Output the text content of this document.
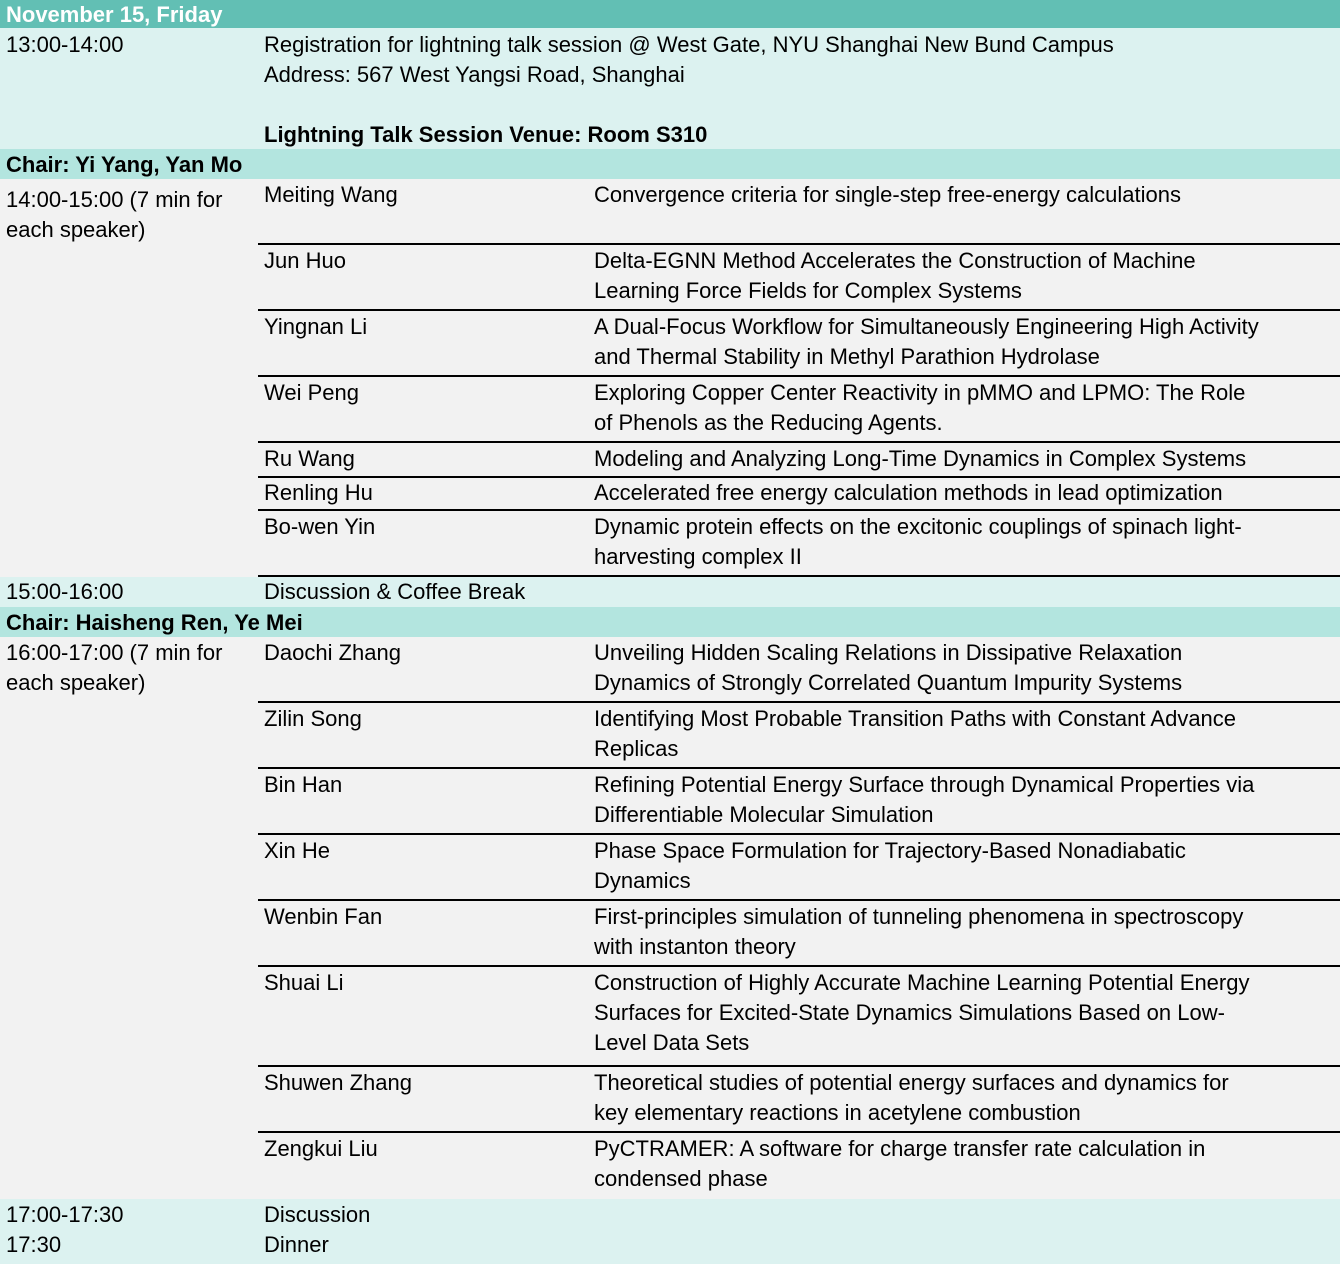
November 15, Friday
13:00-14:00	Registration for lightning talk session @ West Gate, NYU Shanghai New Bund Campus
Address: 567 West Yangsi Road, Shanghai
Lightning Talk Session Venue: Room S310
Chair: Yi Yang, Yan Mo
14:00-15:00 (7 min for
each speaker)
Meiting Wang	Convergence criteria for single-step free-energy calculations
Jun Huo	Delta-EGNN Method Accelerates the Construction of Machine
Learning Force Fields for Complex Systems
Yingnan Li	A Dual-Focus Workflow for Simultaneously Engineering High Activity
and Thermal Stability in Methyl Parathion Hydrolase
Wei Peng	Exploring Copper Center Reactivity in pMMO and LPMO: The Role
of Phenols as the Reducing Agents.
Ru Wang	Modeling and Analyzing Long-Time Dynamics in Complex Systems
Renling Hu	Accelerated free energy calculation methods in lead optimization
Bo-wen Yin	Dynamic protein effects on the excitonic couplings of spinach light-
harvesting complex II
15:00-16:00	Discussion & Coffee Break
Chair: Haisheng Ren, Ye Mei
16:00-17:00 (7 min for
each speaker)
Daochi Zhang	Unveiling Hidden Scaling Relations in Dissipative Relaxation
Dynamics of Strongly Correlated Quantum Impurity Systems
Zilin Song	Identifying Most Probable Transition Paths with Constant Advance
Replicas
Bin Han	Refining Potential Energy Surface through Dynamical Properties via
Differentiable Molecular Simulation
Xin He	Phase Space Formulation for Trajectory-Based Nonadiabatic
Dynamics
Wenbin Fan	First-principles simulation of tunneling phenomena in spectroscopy
with instanton theory
Shuai Li	Construction of Highly Accurate Machine Learning Potential Energy
Surfaces for Excited-State Dynamics Simulations Based on Low-
Level Data Sets
Shuwen Zhang	Theoretical studies of potential energy surfaces and dynamics for
key elementary reactions in acetylene combustion
Zengkui Liu	PyCTRAMER: A software for charge transfer rate calculation in
condensed phase
17:00-17:30	Discussion
17:30	Dinner
